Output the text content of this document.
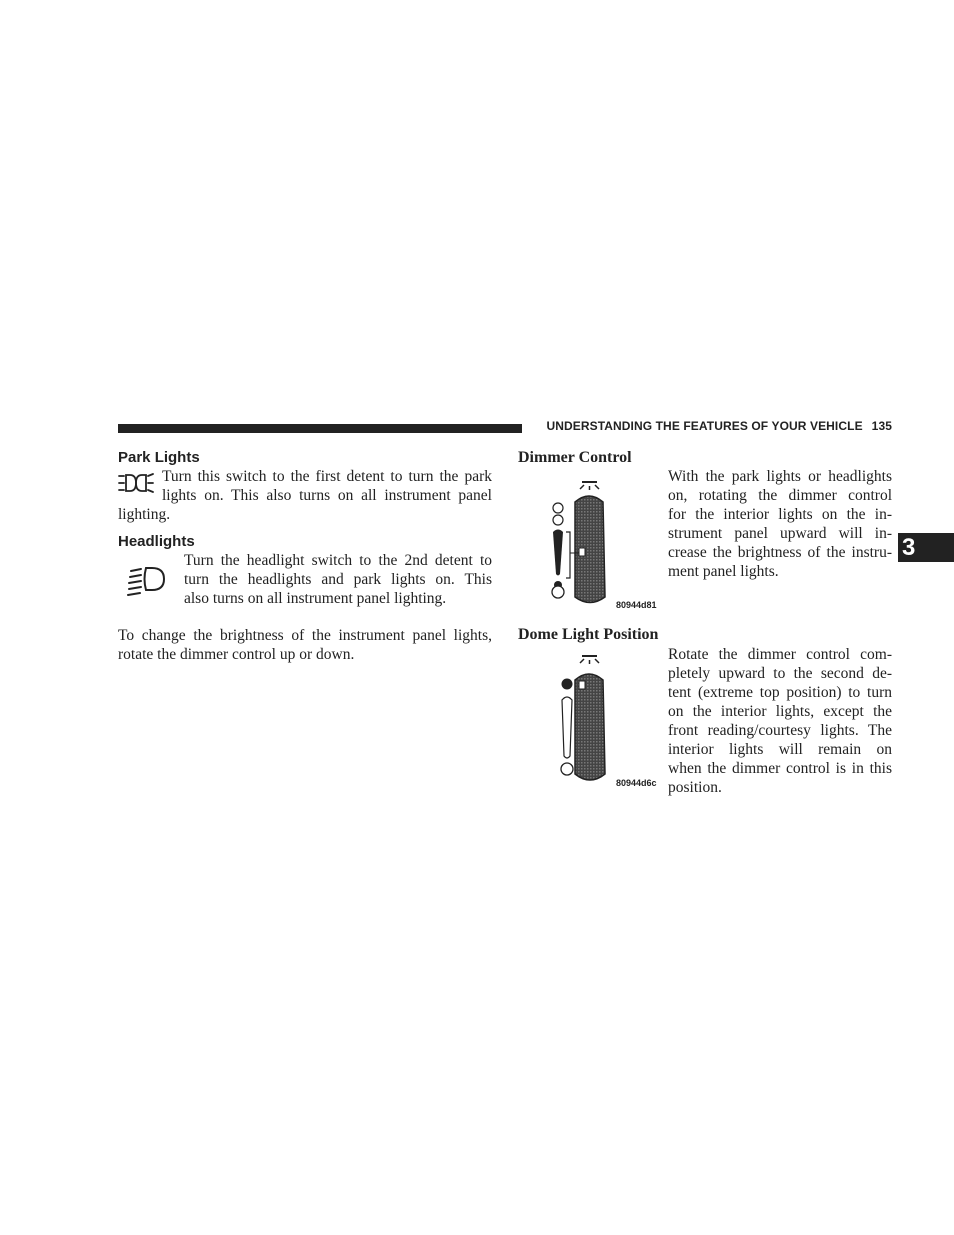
UNDERSTANDING THE FEATURES OF YOUR VEHICLE 135
3
Park Lights
Turn this switch to the first detent to turn the park
lights on. This also turns on all instrument panel
lighting.
Headlights
Turn the headlight switch to the 2nd detent to
turn the headlights and park lights on. This
also turns on all instrument panel lighting.
To change the brightness of the instrument panel lights,
rotate the dimmer control up or down.
Dimmer Control
80944d81
With the park lights or headlights
on, rotating the dimmer control
for the interior lights on the in-
strument panel upward will in-
crease the brightness of the instru-
ment panel lights.
Dome Light Position
80944d6c
Rotate the dimmer control com-
pletely upward to the second de-
tent (extreme top position) to turn
on the interior lights, except the
front reading/courtesy lights. The
interior lights will remain on
when the dimmer control is in this
position.
